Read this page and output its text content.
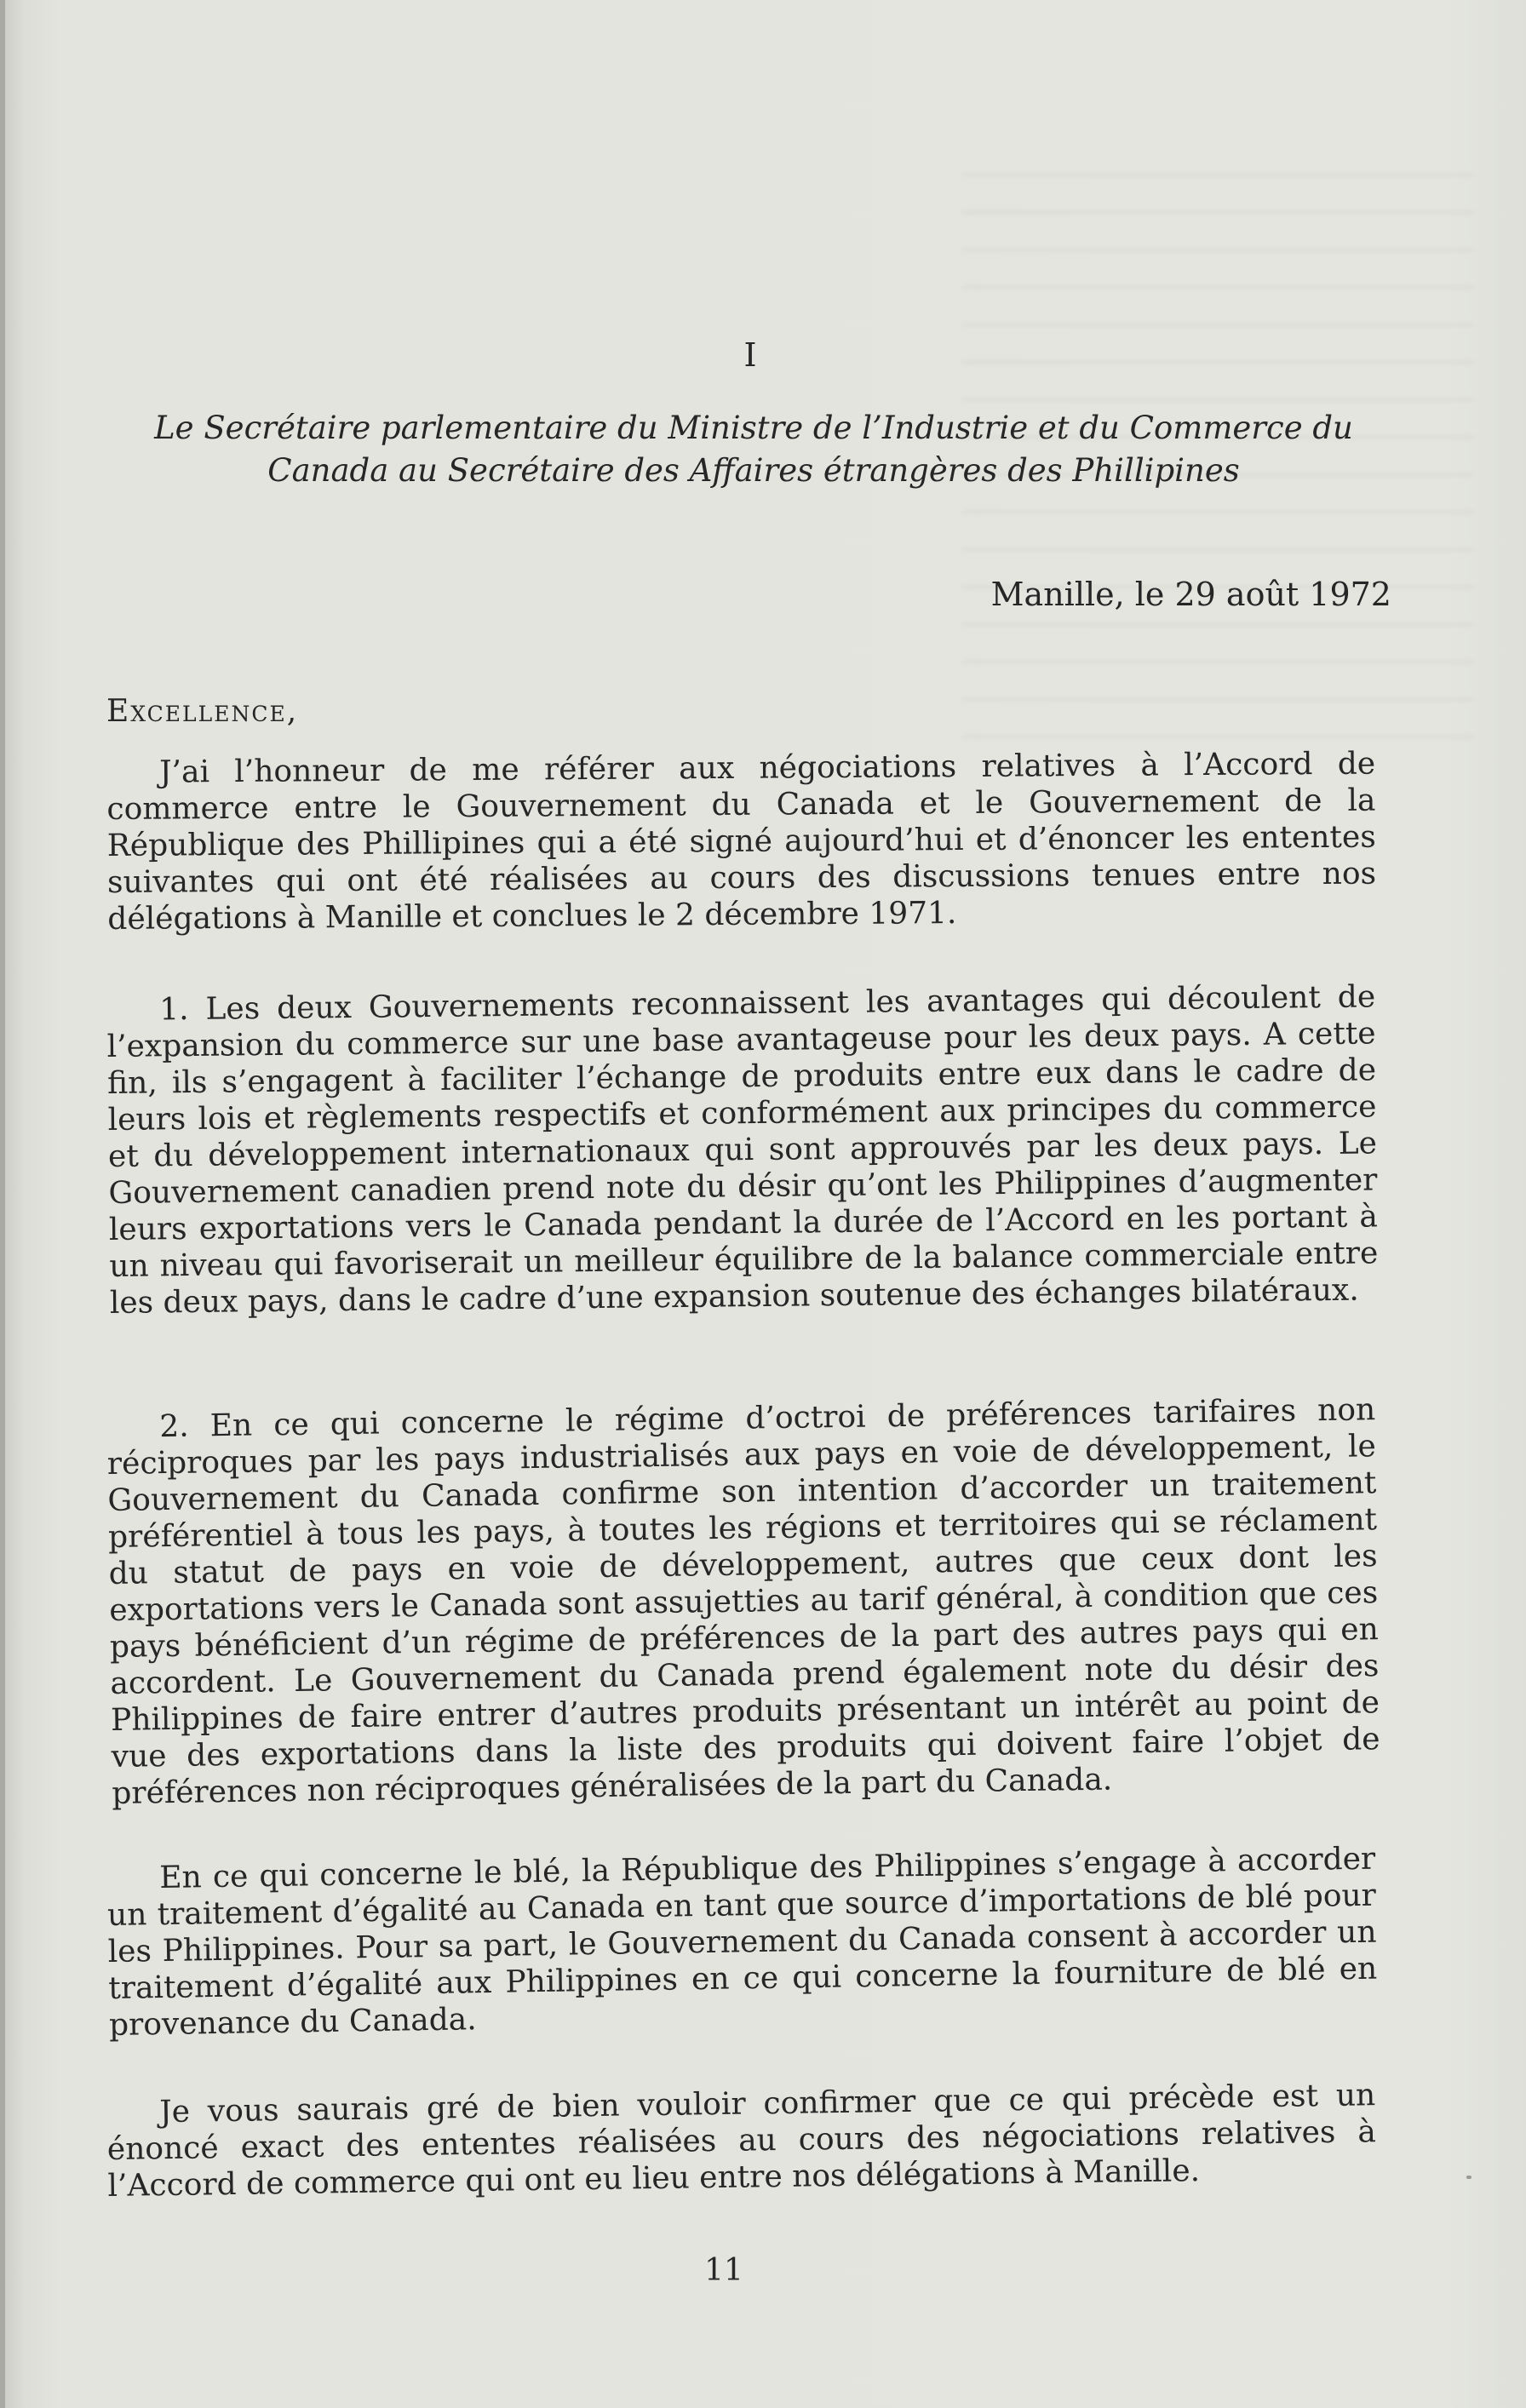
I
Le Secrétaire parlementaire du Ministre de l’Industrie et du Commerce du Canada au Secrétaire des Affaires étrangères des Phillipines
Manille, le 29 août 1972
Excellence,

J’ai l’honneur de me référer aux négociations relatives à l’Accord de commerce entre le Gouvernement du Canada et le Gouvernement de la République des Phillipines qui a été signé aujourd’hui et d’énoncer les ententes suivantes qui ont été réalisées au cours des discussions tenues entre nos délégations à Manille et conclues le 2 décembre 1971.

1. Les deux Gouvernements reconnaissent les avantages qui découlent de l’expansion du commerce sur une base avantageuse pour les deux pays. A cette fin, ils s’engagent à faciliter l’échange de produits entre eux dans le cadre de leurs lois et règlements respectifs et conformément aux principes du commerce et du développement internationaux qui sont approuvés par les deux pays. Le Gouvernement canadien prend note du désir qu’ont les Philippines d’augmenter leurs exportations vers le Canada pendant la durée de l’Accord en les portant à un niveau qui favoriserait un meilleur équilibre de la balance commerciale entre les deux pays, dans le cadre d’une expansion soutenue des échanges bilatéraux.

2. En ce qui concerne le régime d’octroi de préférences tarifaires non réciproques par les pays industrialisés aux pays en voie de développement, le Gouvernement du Canada confirme son intention d’accorder un traitement préférentiel à tous les pays, à toutes les régions et territoires qui se réclament du statut de pays en voie de développement, autres que ceux dont les exportations vers le Canada sont assujetties au tarif général, à condition que ces pays bénéficient d’un régime de préférences de la part des autres pays qui en accordent. Le Gouvernement du Canada prend également note du désir des Philippines de faire entrer d’autres produits présentant un intérêt au point de vue des exportations dans la liste des produits qui doivent faire l’objet de préférences non réciproques généralisées de la part du Canada.

En ce qui concerne le blé, la République des Philippines s’engage à accorder un traitement d’égalité au Canada en tant que source d’importations de blé pour les Philippines. Pour sa part, le Gouvernement du Canada consent à accorder un traitement d’égalité aux Philippines en ce qui concerne la fourniture de blé en provenance du Canada.

Je vous saurais gré de bien vouloir confirmer que ce qui précède est un énoncé exact des ententes réalisées au cours des négociations relatives à l’Accord de commerce qui ont eu lieu entre nos délégations à Manille.

11
